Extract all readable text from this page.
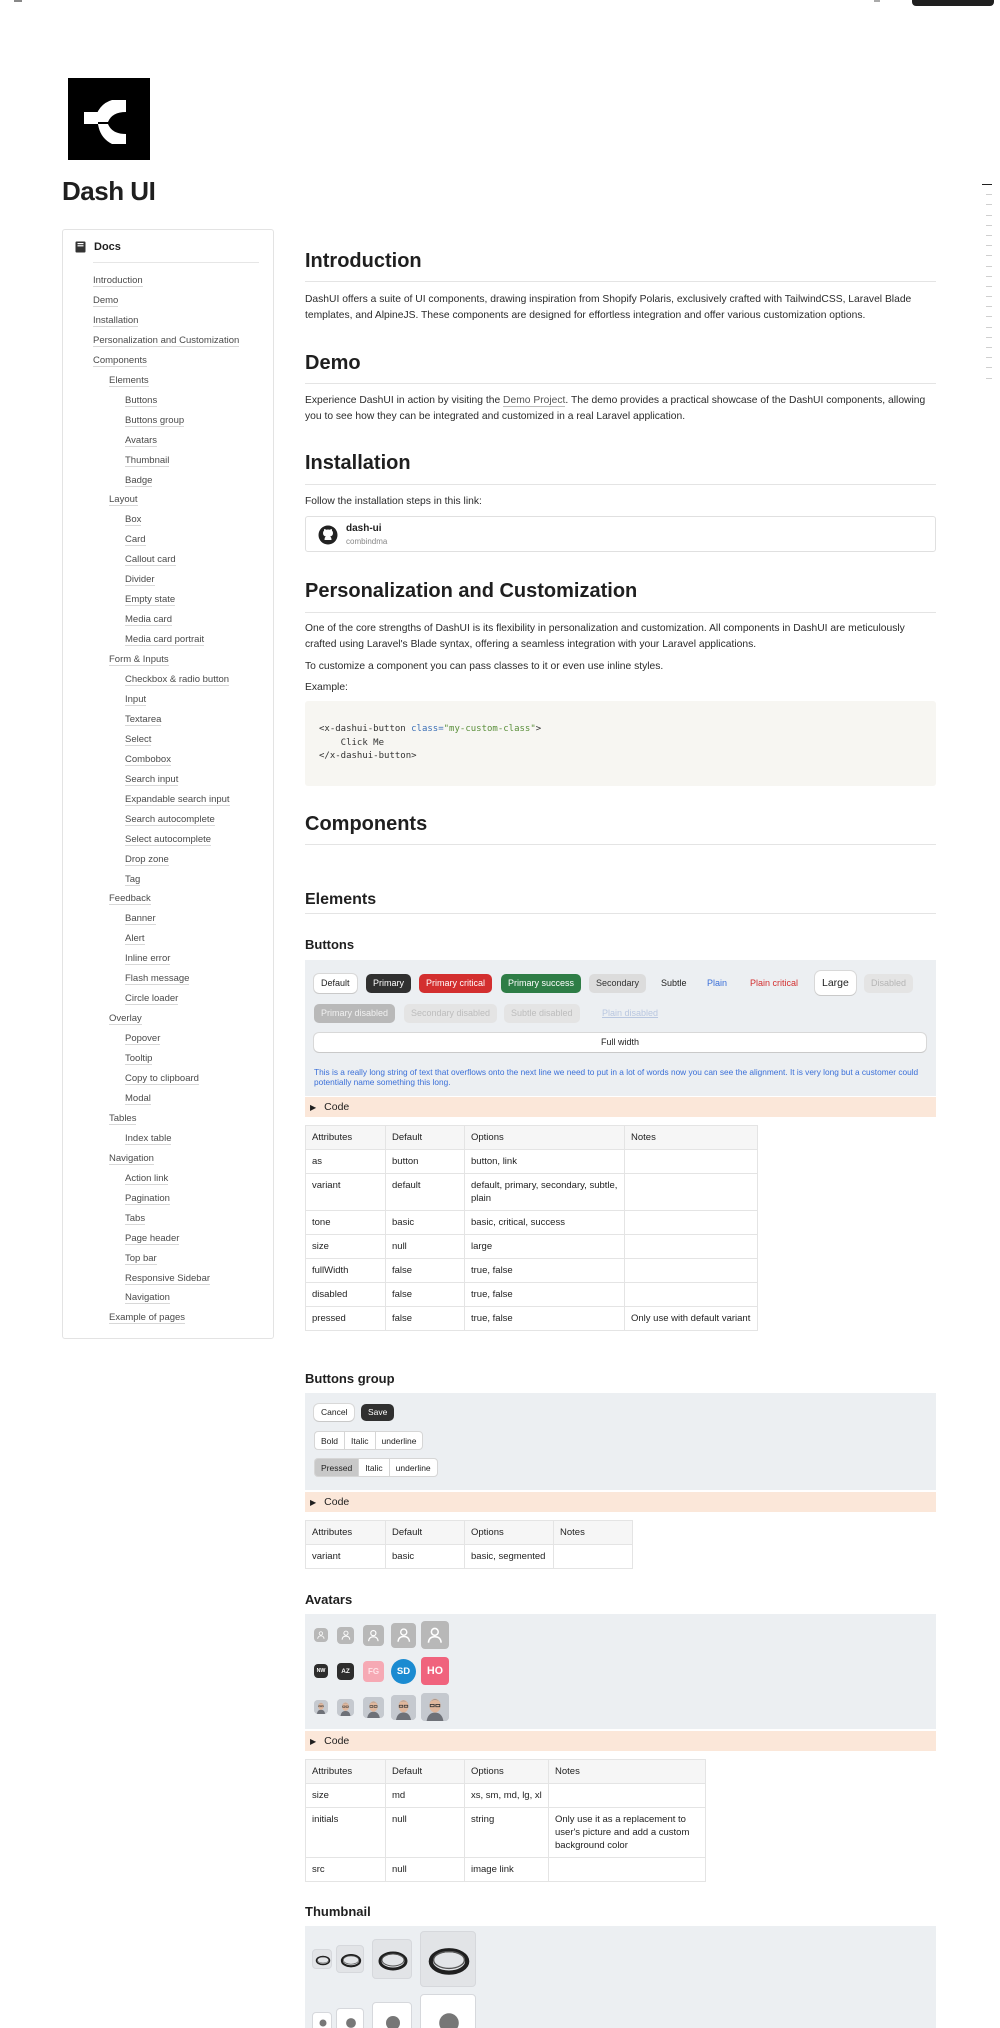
Dash UI
Docs
Introduction
Demo
Installation
Personalization and Customization
Components
Elements
Buttons
Buttons group
Avatars
Thumbnail
Badge
Layout
Box
Card
Callout card
Divider
Empty state
Media card
Media card portrait
Form & Inputs
Checkbox & radio button
Input
Textarea
Select
Combobox
Search input
Expandable search input
Search autocomplete
Select autocomplete
Drop zone
Tag
Feedback
Banner
Alert
Inline error
Flash message
Circle loader
Overlay
Popover
Tooltip
Copy to clipboard
Modal
Tables
Index table
Navigation
Action link
Pagination
Tabs
Page header
Top bar
Responsive Sidebar
Navigation
Example of pages
Introduction

DashUI offers a suite of UI components, drawing inspiration from Shopify Polaris, exclusively crafted with TailwindCSS, Laravel Blade templates, and AlpineJS. These components are designed for effortless integration and offer various customization options.

Demo

Experience DashUI in action by visiting the Demo Project. The demo provides a practical showcase of the DashUI components, allowing you to see how they can be integrated and customized in a real Laravel application.

Installation

Follow the installation steps in this link:

dash-ui
combindma
Personalization and Customization

One of the core strengths of DashUI is its flexibility in personalization and customization. All components in DashUI are meticulously crafted using Laravel's Blade syntax, offering a seamless integration with your Laravel applications.

To customize a component you can pass classes to it or even use inline styles.

Example:

<x-dashui-button class="my-custom-class">
Click Me
</x-dashui-button>
Components
Elements
Buttons
Full width
This is a really long string of text that overflows onto the next line we need to put in a lot of words now you can see the alignment. It is very long but a customer could potentially name something this long.
Default	Primary	Primary critical	Primary success	Secondary	Subtle	Plain	Plain critical	Large	Disabled
Primary disabled	Secondary disabled	Subtle disabled	Plain disabled
▶ Code
Attributes	Default	Options	Notes
as	button	button, link	
variant	default	default, primary, secondary, subtle, plain	
tone	basic	basic, critical, success	
size	null	large	
fullWidth	false	true, false	
disabled	false	true, false	
pressed	false	true, false	Only use with default variant
Buttons group
Cancel	Save
Bold	Italic	underline
Pressed	Italic	underline
▶ Code
Attributes	Default	Options	Notes
variant	basic	basic, segmented	
Avatars
NW	AZ	FG	SD	HO
▶ Code
Attributes	Default	Options	Notes
size	md	xs, sm, md, lg, xl	
initials	null	string	Only use it as a replacement to user's picture and add a custom background color
src	null	image link	
Thumbnail
